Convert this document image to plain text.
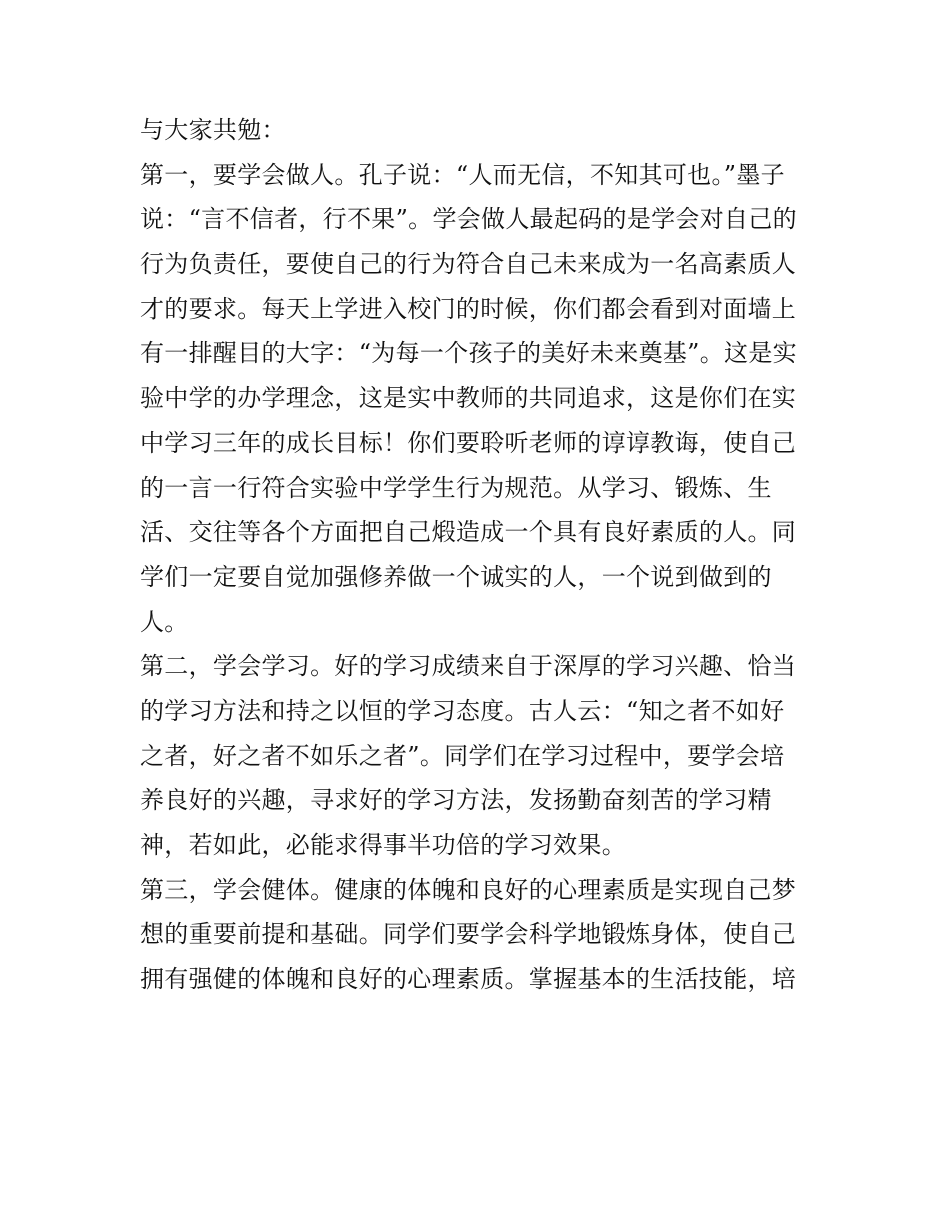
与大家共勉：
第一，要学会做人。孔子说：“人而无信，不知其可也。”墨子
说：“言不信者，行不果”。学会做人最起码的是学会对自己的
行为负责任，要使自己的行为符合自己未来成为一名高素质人
才的要求。每天上学进入校门的时候，你们都会看到对面墙上
有一排醒目的大字：“为每一个孩子的美好未来奠基”。这是实
验中学的办学理念，这是实中教师的共同追求，这是你们在实
中学习三年的成长目标！你们要聆听老师的谆谆教诲，使自己
的一言一行符合实验中学学生行为规范。从学习、锻炼、生
活、交往等各个方面把自己煅造成一个具有良好素质的人。同
学们一定要自觉加强修养做一个诚实的人，一个说到做到的
人。
第二，学会学习。好的学习成绩来自于深厚的学习兴趣、恰当
的学习方法和持之以恒的学习态度。古人云：“知之者不如好
之者，好之者不如乐之者”。同学们在学习过程中，要学会培
养良好的兴趣，寻求好的学习方法，发扬勤奋刻苦的学习精
神，若如此，必能求得事半功倍的学习效果。
第三，学会健体。健康的体魄和良好的心理素质是实现自己梦
想的重要前提和基础。同学们要学会科学地锻炼身体，使自己
拥有强健的体魄和良好的心理素质。掌握基本的生活技能，培
